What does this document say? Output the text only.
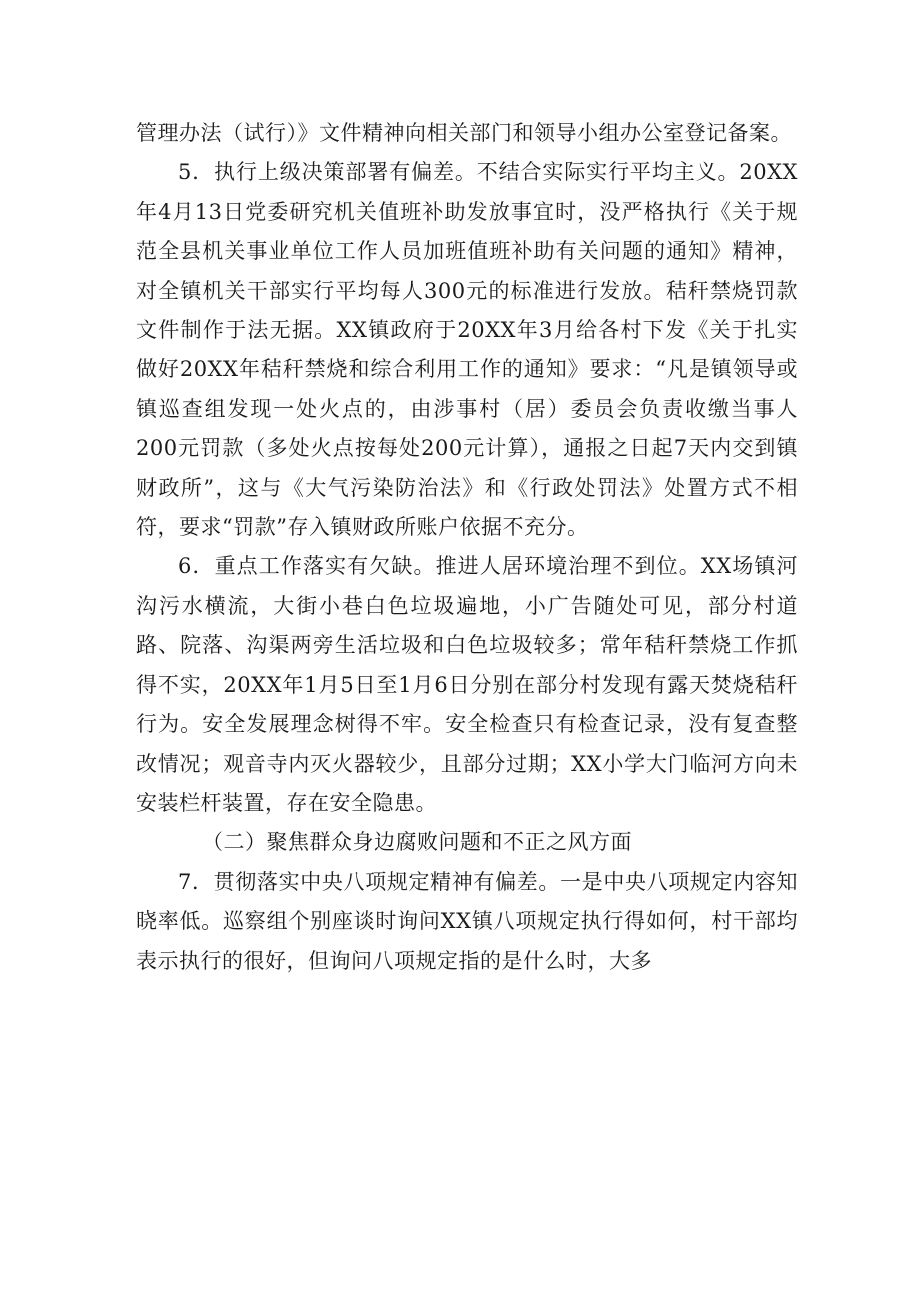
管理办法（试行）》文件精神向相关部门和领导小组办公室登记备案。

5．执行上级决策部署有偏差。不结合实际实行平均主义。20XX年4月13日党委研究机关值班补助发放事宜时，没严格执行《关于规范全县机关事业单位工作人员加班值班补助有关问题的通知》精神，对全镇机关干部实行平均每人300元的标准进行发放。秸秆禁烧罚款文件制作于法无据。XX镇政府于20XX年3月给各村下发《关于扎实做好20XX年秸秆禁烧和综合利用工作的通知》要求：“凡是镇领导或镇巡查组发现一处火点的，由涉事村（居）委员会负责收缴当事人200元罚款（多处火点按每处200元计算），通报之日起7天内交到镇财政所”，这与《大气污染防治法》和《行政处罚法》处置方式不相符，要求“罚款”存入镇财政所账户依据不充分。

6．重点工作落实有欠缺。推进人居环境治理不到位。XX场镇河沟污水横流，大街小巷白色垃圾遍地，小广告随处可见，部分村道路、院落、沟渠两旁生活垃圾和白色垃圾较多；常年秸秆禁烧工作抓得不实，20XX年1月5日至1月6日分别在部分村发现有露天焚烧秸秆行为。安全发展理念树得不牢。安全检查只有检查记录，没有复查整改情况；观音寺内灭火器较少，且部分过期；XX小学大门临河方向未安装栏杆装置，存在安全隐患。

（二）聚焦群众身边腐败问题和不正之风方面

7．贯彻落实中央八项规定精神有偏差。一是中央八项规定内容知晓率低。巡察组个别座谈时询问XX镇八项规定执行得如何，村干部均表示执行的很好，但询问八项规定指的是什么时，大多
